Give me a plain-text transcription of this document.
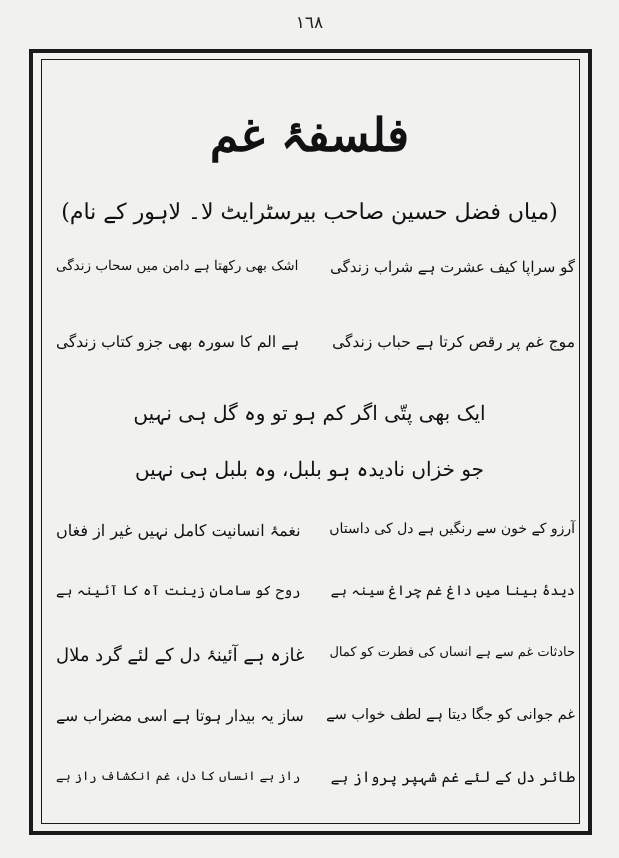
۱٦۸
فلسفۂ غم
(میاں فضل حسین صاحب بیرسٹرایٹ لا۔ لاہور کے نام)
گو سراپا کیف عشرت ہے شراب زندگی
اشک بھی رکھتا ہے دامن میں سحاب زندگی
موج غم پر رقص کرتا ہے حباب زندگی
ہے الم کا سورہ بھی جزو کتاب زندگی
ایک بھی پتّی اگر کم ہو تو وہ گل ہی نہیں
جو خزاں نادیدہ ہو بلبل، وہ بلبل ہی نہیں
آرزو کے خون سے رنگیں ہے دل کی داستاں
نغمۂ انسانیت کامل نہیں غیر از فغاں
دیدۂ بینا میں داغ غم چراغ سینہ ہے
روح کو سامان زینت آہ کا آئینہ ہے
حادثات غم سے ہے انساں کی فطرت کو کمال
غازہ ہے آئینۂ دل کے لئے گرد ملال
غم جوانی کو جگا دیتا ہے لطف خواب سے
ساز یہ بیدار ہوتا ہے اسی مضراب سے
طائر دل کے لئے غم شہپر پرواز ہے
راز ہے انساں کا دل، غم انکشاف راز ہے
